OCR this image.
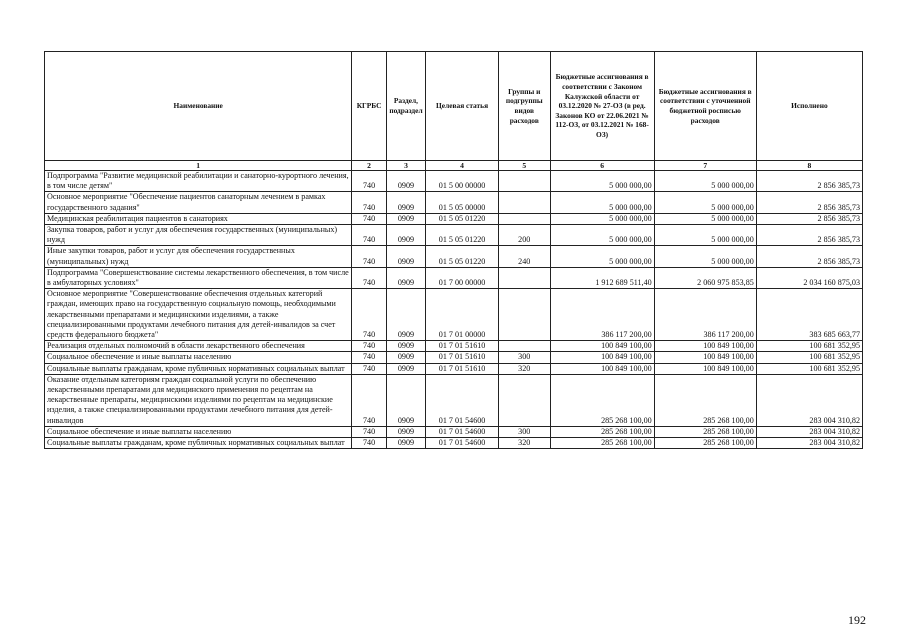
Наименование	КГРБС	Раздел, подраздел	Целевая статья	Группы и подгруппы видов расходов	Бюджетные ассигнования в соответствии с Законом Калужской области от 03.12.2020 № 27-ОЗ (в ред. Законов КО от 22.06.2021 № 112-ОЗ, от 03.12.2021 № 168-ОЗ)	Бюджетные ассигнования в соответствии с уточненной бюджетной росписью расходов	Исполнено
1	2	3	4	5	6	7	8
Подпрограмма "Развитие медицинской реабилитации и санаторно-курортного лечения, в том числе детям"	740	0909	01 5 00 00000		5 000 000,00	5 000 000,00	2 856 385,73
Основное мероприятие "Обеспечение пациентов санаторным лечением в рамках государственного задания"	740	0909	01 5 05 00000		5 000 000,00	5 000 000,00	2 856 385,73
Медицинская реабилитация пациентов в санаториях	740	0909	01 5 05 01220		5 000 000,00	5 000 000,00	2 856 385,73
Закупка товаров, работ и услуг для обеспечения государственных (муниципальных) нужд	740	0909	01 5 05 01220	200	5 000 000,00	5 000 000,00	2 856 385,73
Иные закупки товаров, работ и услуг для обеспечения государственных (муниципальных) нужд	740	0909	01 5 05 01220	240	5 000 000,00	5 000 000,00	2 856 385,73
Подпрограмма "Совершенствование системы лекарственного обеспечения, в том числе в амбулаторных условиях"	740	0909	01 7 00 00000		1 912 689 511,40	2 060 975 853,85	2 034 160 875,03
Основное мероприятие "Совершенствование обеспечения отдельных категорий граждан, имеющих право на государственную социальную помощь, необходимыми лекарственными препаратами и медицинскими изделиями, а также специализированными продуктами лечебного питания для детей-инвалидов за счет средств федерального бюджета"	740	0909	01 7 01 00000		386 117 200,00	386 117 200,00	383 685 663,77
Реализация отдельных полномочий в области лекарственного обеспечения	740	0909	01 7 01 51610		100 849 100,00	100 849 100,00	100 681 352,95
Социальное обеспечение и иные выплаты населению	740	0909	01 7 01 51610	300	100 849 100,00	100 849 100,00	100 681 352,95
Социальные выплаты гражданам, кроме публичных нормативных социальных выплат	740	0909	01 7 01 51610	320	100 849 100,00	100 849 100,00	100 681 352,95
Оказание отдельным категориям граждан социальной услуги по обеспечению лекарственными препаратами для медицинского применения по рецептам на лекарственные препараты, медицинскими изделиями по рецептам на медицинские изделия, а также специализированными продуктами лечебного питания для детей-инвалидов	740	0909	01 7 01 54600		285 268 100,00	285 268 100,00	283 004 310,82
Социальное обеспечение и иные выплаты населению	740	0909	01 7 01 54600	300	285 268 100,00	285 268 100,00	283 004 310,82
Социальные выплаты гражданам, кроме публичных нормативных социальных выплат	740	0909	01 7 01 54600	320	285 268 100,00	285 268 100,00	283 004 310,82
192
